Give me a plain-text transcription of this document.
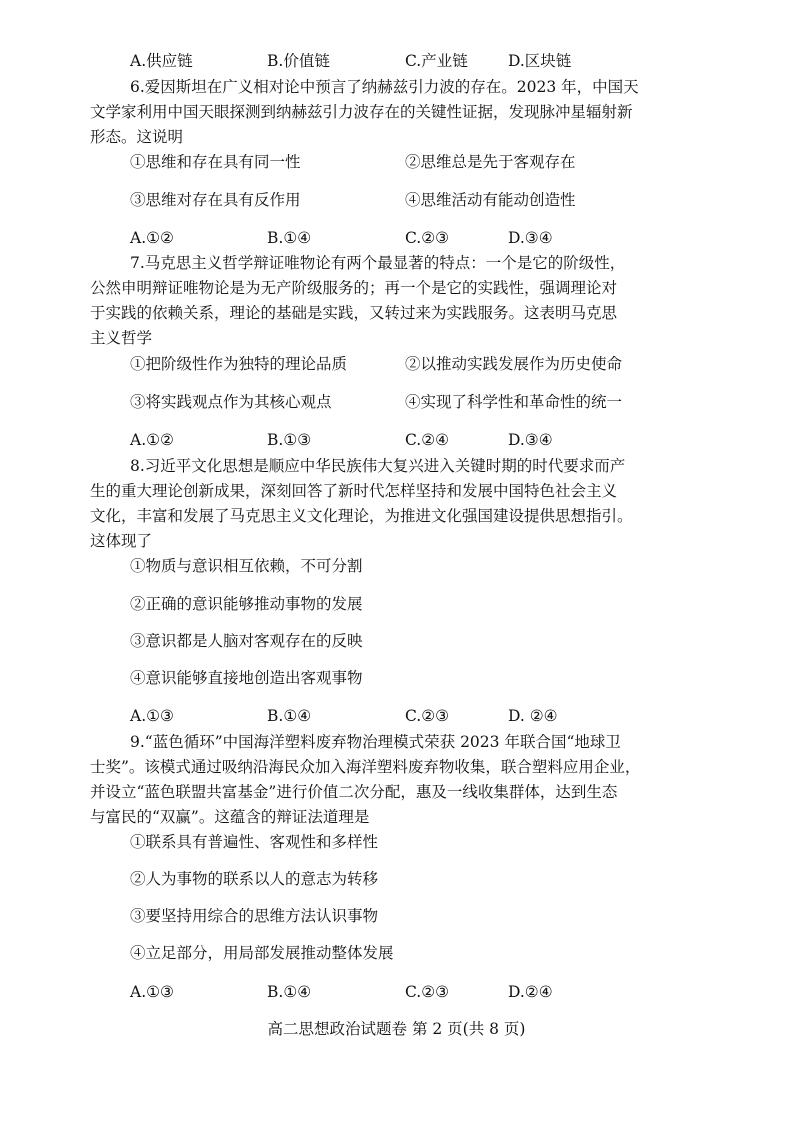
A.供应链	B.价值链	C.产业链	D.区块链
6.爱因斯坦在广义相对论中预言了纳赫兹引力波的存在。2023 年，中国天
文学家利用中国天眼探测到纳赫兹引力波存在的关键性证据，发现脉冲星辐射新
形态。这说明
①思维和存在具有同一性	②思维总是先于客观存在
③思维对存在具有反作用	④思维活动有能动创造性
A.①②	B.①④	C.②③	D.③④
7.马克思主义哲学辩证唯物论有两个最显著的特点：一个是它的阶级性，
公然申明辩证唯物论是为无产阶级服务的；再一个是它的实践性，强调理论对
于实践的依赖关系，理论的基础是实践，又转过来为实践服务。这表明马克思
主义哲学
①把阶级性作为独特的理论品质	②以推动实践发展作为历史使命
③将实践观点作为其核心观点	④实现了科学性和革命性的统一
A.①②	B.①③	C.②④	D.③④
8.习近平文化思想是顺应中华民族伟大复兴进入关键时期的时代要求而产
生的重大理论创新成果，深刻回答了新时代怎样坚持和发展中国特色社会主义
文化，丰富和发展了马克思主义文化理论，为推进文化强国建设提供思想指引。
这体现了
①物质与意识相互依赖，不可分割
②正确的意识能够推动事物的发展
③意识都是人脑对客观存在的反映
④意识能够直接地创造出客观事物
A.①③	B.①④	C.②③	D. ②④
9.“蓝色循环”中国海洋塑料废弃物治理模式荣获 2023 年联合国“地球卫
士奖”。该模式通过吸纳沿海民众加入海洋塑料废弃物收集，联合塑料应用企业，
并设立“蓝色联盟共富基金”进行价值二次分配，惠及一线收集群体，达到生态
与富民的“双赢”。这蕴含的辩证法道理是
①联系具有普遍性、客观性和多样性
②人为事物的联系以人的意志为转移
③要坚持用综合的思维方法认识事物
④立足部分，用局部发展推动整体发展
A.①③	B.①④	C.②③	D.②④
高二思想政治试题卷 第 2 页(共 8 页)
